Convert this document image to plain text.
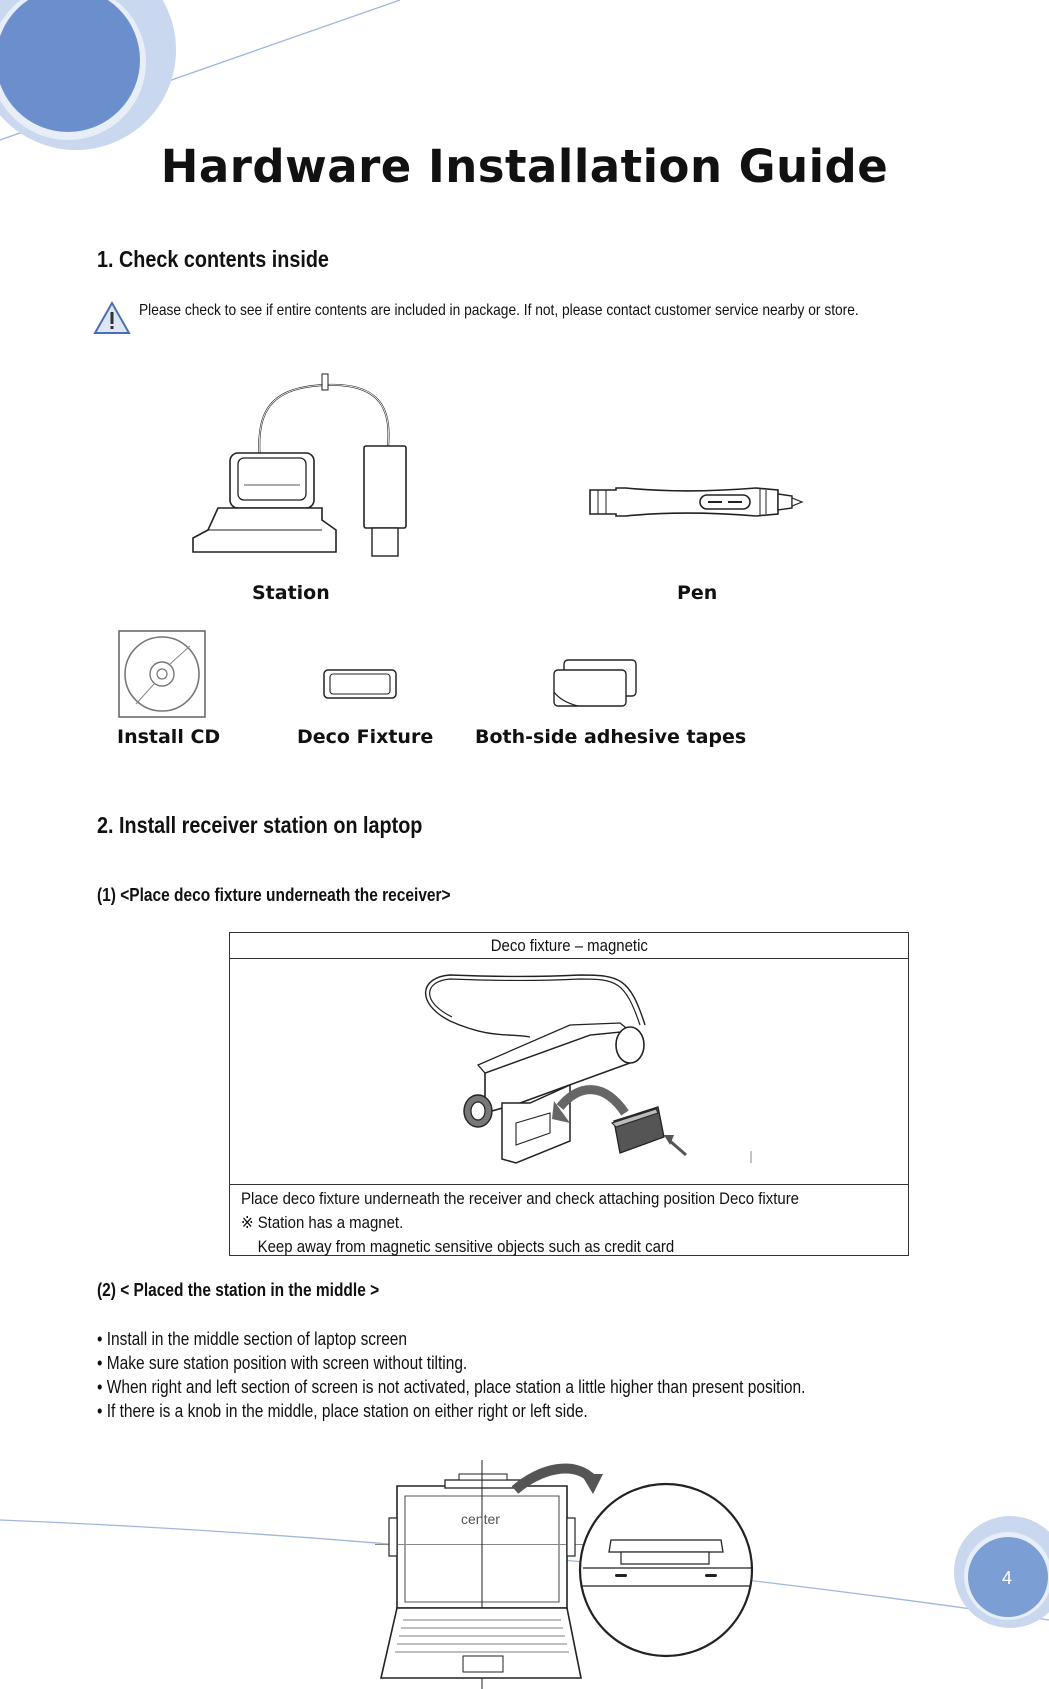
4
Hardware Installation Guide
1. Check contents inside
Please check to see if entire contents are included in package. If not, please contact customer service nearby or store.
Station	Pen
Install CD	Deco Fixture Both-side adhesive tapes
2. Install receiver station on laptop
(1) <Place deco fixture underneath the receiver>
Deco fixture – magnetic
Place deco fixture underneath the receiver and check attaching position Deco fixture
※ Station has a magnet.
Keep away from magnetic sensitive objects such as credit card
(2) < Placed the station in the middle >
• Install in the middle section of laptop screen
• Make sure station position with screen without tilting.
• When right and left section of screen is not activated, place station a little higher than present position.
• If there is a knob in the middle, place station on either right or left side.
center
